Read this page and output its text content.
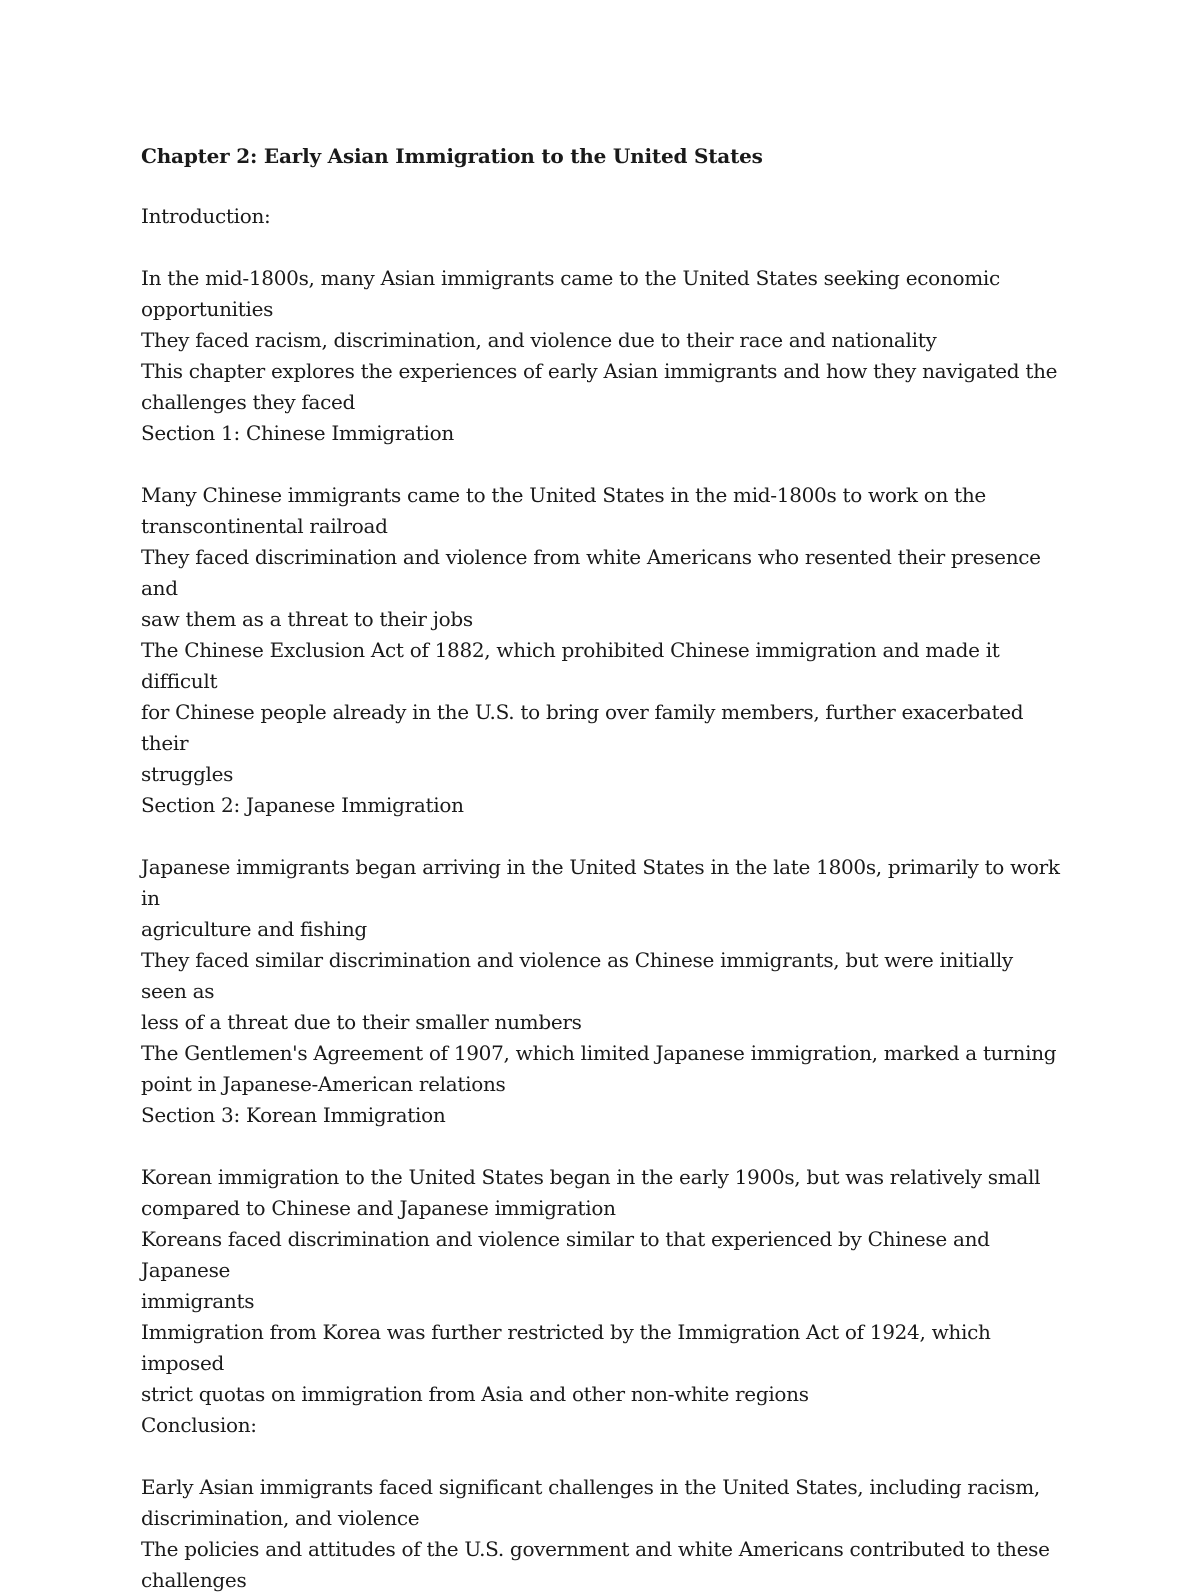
Chapter 2: Early Asian Immigration to the United States

Introduction:

In the mid-1800s, many Asian immigrants came to the United States seeking economic

opportunities

They faced racism, discrimination, and violence due to their race and nationality

This chapter explores the experiences of early Asian immigrants and how they navigated the

challenges they faced

Section 1: Chinese Immigration

Many Chinese immigrants came to the United States in the mid-1800s to work on the

transcontinental railroad

They faced discrimination and violence from white Americans who resented their presence and

saw them as a threat to their jobs

The Chinese Exclusion Act of 1882, which prohibited Chinese immigration and made it difficult

for Chinese people already in the U.S. to bring over family members, further exacerbated their

struggles

Section 2: Japanese Immigration

Japanese immigrants began arriving in the United States in the late 1800s, primarily to work in

agriculture and fishing

They faced similar discrimination and violence as Chinese immigrants, but were initially seen as

less of a threat due to their smaller numbers

The Gentlemen's Agreement of 1907, which limited Japanese immigration, marked a turning

point in Japanese-American relations

Section 3: Korean Immigration

Korean immigration to the United States began in the early 1900s, but was relatively small

compared to Chinese and Japanese immigration

Koreans faced discrimination and violence similar to that experienced by Chinese and Japanese

immigrants

Immigration from Korea was further restricted by the Immigration Act of 1924, which imposed

strict quotas on immigration from Asia and other non-white regions

Conclusion:

Early Asian immigrants faced significant challenges in the United States, including racism,

discrimination, and violence

The policies and attitudes of the U.S. government and white Americans contributed to these

challenges
